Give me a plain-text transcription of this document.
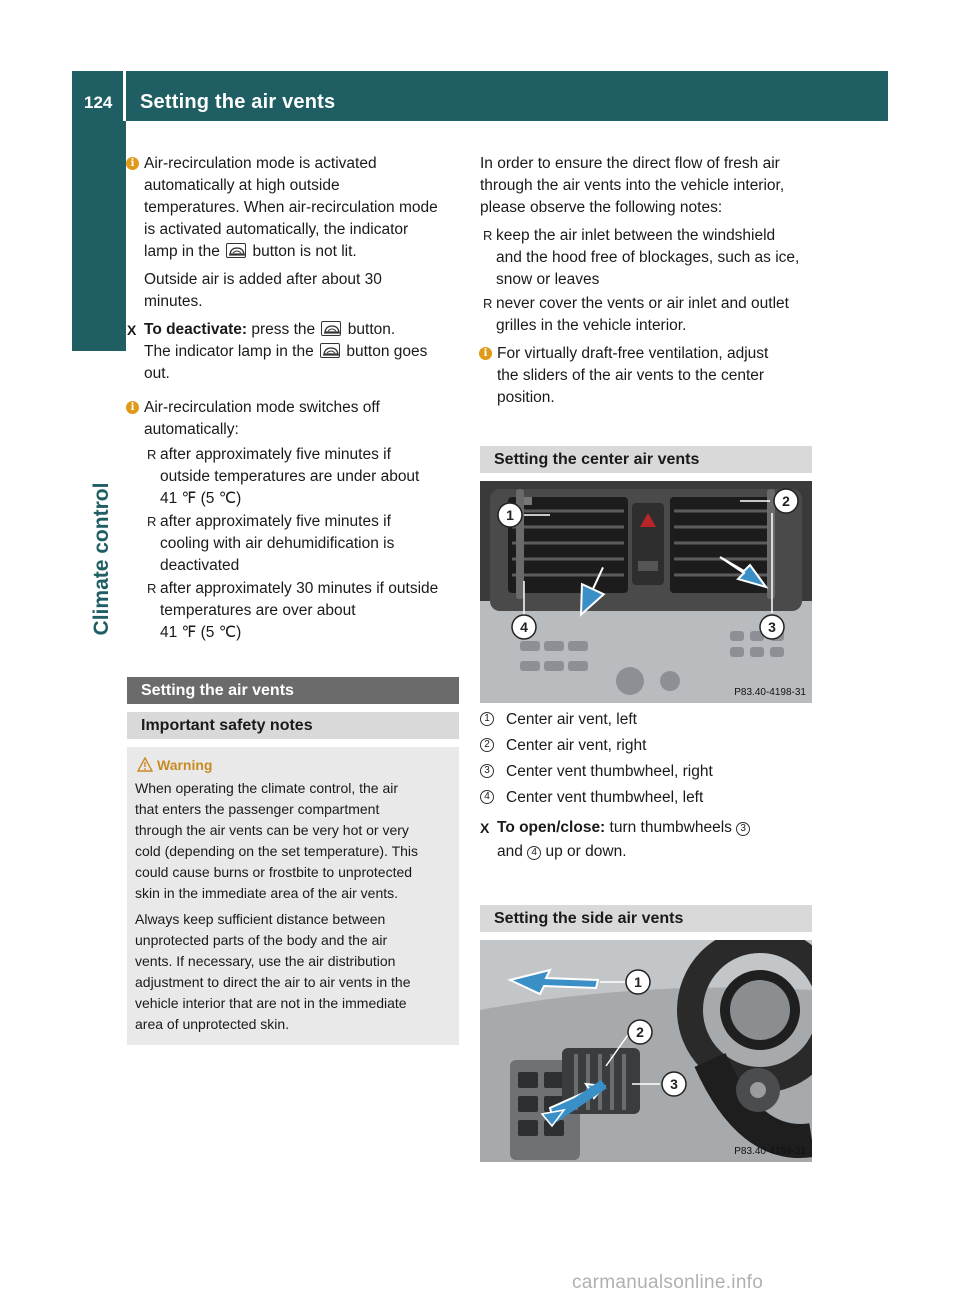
124 Setting the air vents
Climate control
i Air-recirculation mode is activated

automatically at high outside

temperatures. When air-recirculation mode

is activated automatically, the indicator

lamp in the button is not lit.

Outside air is added after about 30

minutes.

X To deactivate: press the button.

The indicator lamp in the button goes

out.

i Air-recirculation mode switches off

automatically:

R after approximately five minutes if

outside temperatures are under about

41 ℉ (5 ℃)

R after approximately five minutes if

cooling with air dehumidification is

deactivated

R after approximately 30 minutes if outside

temperatures are over about

41 ℉ (5 ℃)

Setting the air vents
Important safety notes
Warning

When operating the climate control, the air

that enters the passenger compartment

through the air vents can be very hot or very

cold (depending on the set temperature). This

could cause burns or frostbite to unprotected

skin in the immediate area of the air vents.

Always keep sufficient distance between

unprotected parts of the body and the air

vents. If necessary, use the air distribution

adjustment to direct the air to air vents in the

vehicle interior that are not in the immediate

area of unprotected skin.

In order to ensure the direct flow of fresh air

through the air vents into the vehicle interior,

please observe the following notes:

R keep the air inlet between the windshield

and the hood free of blockages, such as ice,

snow or leaves

R never cover the vents or air inlet and outlet

grilles in the vehicle interior.

i For virtually draft-free ventilation, adjust

the sliders of the air vents to the center

position.

Setting the center air vents
1
2
3
4
P83.40-4198-31
1 Center air vent, left
2 Center air vent, right
3 Center vent thumbwheel, right
4 Center vent thumbwheel, left
X To open/close: turn thumbwheels 3

and 4 up or down.

Setting the side air vents
1
2
3
P83.40-4199-31
carmanualsonline.info
